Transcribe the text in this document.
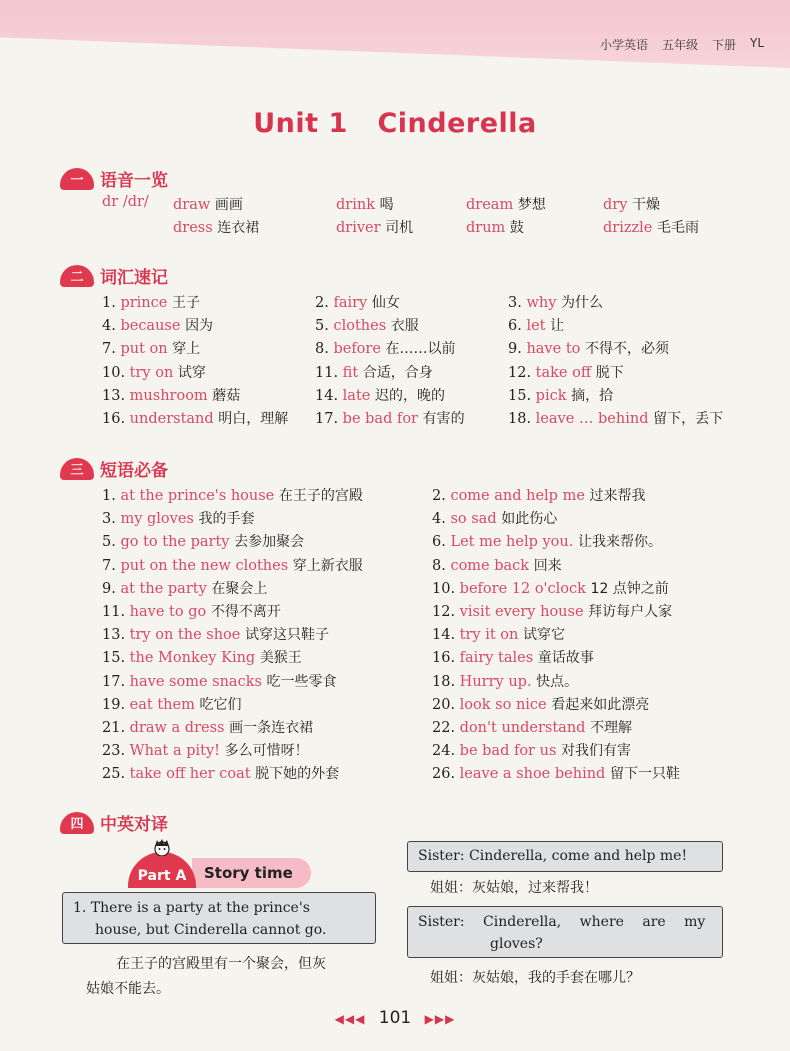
小学英语 五年级 下册 YL
Unit 1   Cinderella
一 语音一览
dr /dr/ draw 画画	drink 喝	dream 梦想	dry 干燥
dress 连衣裙	driver 司机	drum 鼓	drizzle 毛毛雨
二 词汇速记
1. prince 王子	2. fairy 仙女	3. why 为什么
4. because 因为	5. clothes 衣服	6. let 让
7. put on 穿上	8. before 在……以前	9. have to 不得不，必须
10. try on 试穿	11. fit 合适，合身	12. take off 脱下
13. mushroom 蘑菇	14. late 迟的，晚的	15. pick 摘，拾
16. understand 明白，理解 17. be bad for 有害的	18. leave … behind 留下，丢下
三 短语必备
1. at the prince's house 在王子的宫殿	2. come and help me 过来帮我
3. my gloves 我的手套	4. so sad 如此伤心
5. go to the party 去参加聚会	6. Let me help you. 让我来帮你。
7. put on the new clothes 穿上新衣服	8. come back 回来
9. at the party 在聚会上	10. before 12 o'clock 12 点钟之前
11. have to go 不得不离开	12. visit every house 拜访每户人家
13. try on the shoe 试穿这只鞋子	14. try it on 试穿它
15. the Monkey King 美猴王	16. fairy tales 童话故事
17. have some snacks 吃一些零食	18. Hurry up. 快点。
19. eat them 吃它们	20. look so nice 看起来如此漂亮
21. draw a dress 画一条连衣裙	22. don't understand 不理解
23. What a pity! 多么可惜呀！	24. be bad for us 对我们有害
25. take off her coat 脱下她的外套	26. leave a shoe behind 留下一只鞋
四 中英对译
Part A	Story time
1. There is a party at the prince's
house, but Cinderella cannot go.
在王子的宫殿里有一个聚会，但灰
姑娘不能去。
Sister: Cinderella, come and help me!
姐姐：灰姑娘，过来帮我！
Sister: Cinderella, where are my
gloves?
姐姐：灰姑娘，我的手套在哪儿？
◀◀◀ 101 ▶▶▶
